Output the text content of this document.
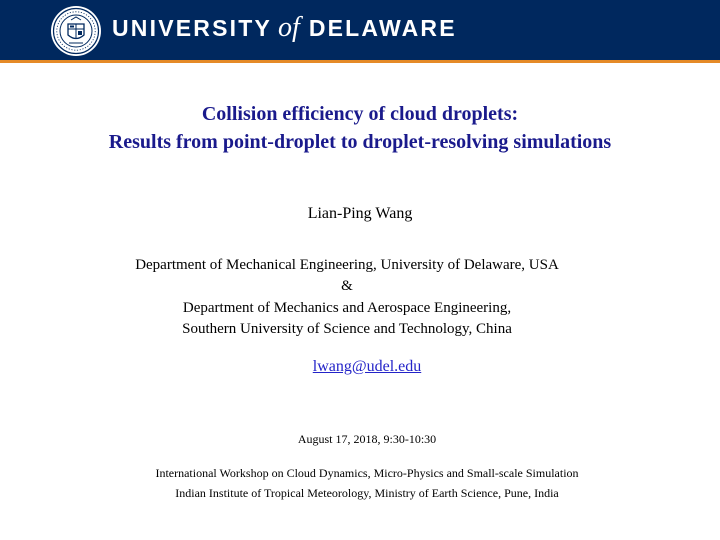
UNIVERSITY of DELAWARE
Collision efficiency of cloud droplets:
Results from point-droplet to droplet-resolving simulations
Lian-Ping Wang
Department of Mechanical Engineering, University of Delaware, USA
&
Department of Mechanics and Aerospace Engineering,
Southern University of Science and Technology, China
lwang@udel.edu
August 17, 2018, 9:30-10:30
International Workshop on Cloud Dynamics, Micro-Physics and Small-scale Simulation
Indian Institute of Tropical Meteorology, Ministry of Earth Science, Pune, India
